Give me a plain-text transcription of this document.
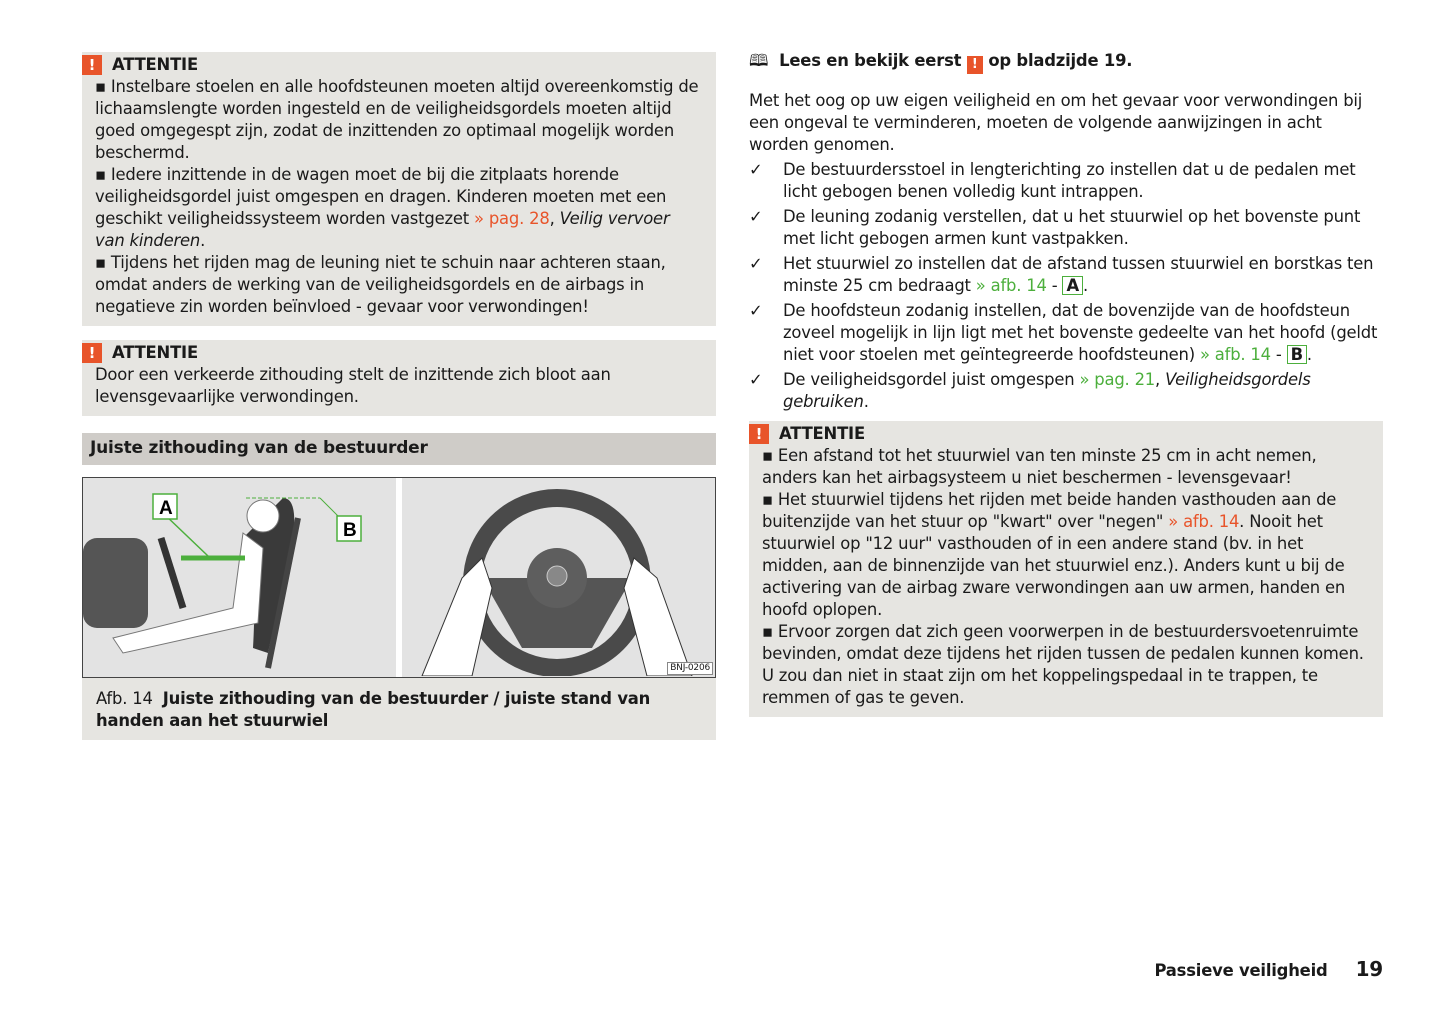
!	ATTENTIE

▪ Instelbare stoelen en alle hoofdsteunen moeten altijd overeenkomstig de lichaamslengte worden ingesteld en de veiligheidsgordels moeten altijd goed omgegespt zijn, zodat de inzittenden zo optimaal mogelijk worden beschermd.

▪ Iedere inzittende in de wagen moet de bij die zitplaats horende veiligheidsgordel juist omgespen en dragen. Kinderen moeten met een geschikt veiligheidssysteem worden vastgezet » pag. 28, Veilig vervoer van kinderen.

▪ Tijdens het rijden mag de leuning niet te schuin naar achteren staan, omdat anders de werking van de veiligheidsgordels en de airbags in negatieve zin worden beïnvloed - gevaar voor verwondingen!

!	ATTENTIE

Door een verkeerde zithouding stelt de inzittende zich bloot aan levensgevaarlijke verwondingen.

Juiste zithouding van de bestuurder
A
B
BNJ-0206
Afb. 14 Juiste zithouding van de bestuurder / juiste stand van handen aan het stuurwiel

🕮 Lees en bekijk eerst ! op bladzijde 19.

Met het oog op uw eigen veiligheid en om het gevaar voor verwondingen bij een ongeval te verminderen, moeten de volgende aanwijzingen in acht worden genomen.

✓	De bestuurdersstoel in lengterichting zo instellen dat u de pedalen met licht gebogen benen volledig kunt intrappen.
✓	De leuning zodanig verstellen, dat u het stuurwiel op het bovenste punt met licht gebogen armen kunt vastpakken.
✓	Het stuurwiel zo instellen dat de afstand tussen stuurwiel en borstkas ten minste 25 cm bedraagt » afb. 14 - A .
✓	De hoofdsteun zodanig instellen, dat de bovenzijde van de hoofdsteun zoveel mogelijk in lijn ligt met het bovenste gedeelte van het hoofd (geldt niet voor stoelen met geïntegreerde hoofdsteunen) » afb. 14 - B .
✓	De veiligheidsgordel juist omgespen » pag. 21, Veiligheidsgordels gebruiken.
!	ATTENTIE

▪ Een afstand tot het stuurwiel van ten minste 25 cm in acht nemen, anders kan het airbagsysteem u niet beschermen - levensgevaar!

▪ Het stuurwiel tijdens het rijden met beide handen vasthouden aan de buitenzijde van het stuur op "kwart" over "negen" » afb. 14. Nooit het stuurwiel op "12 uur" vasthouden of in een andere stand (bv. in het midden, aan de binnenzijde van het stuurwiel enz.). Anders kunt u bij de activering van de airbag zware verwondingen aan uw armen, handen en hoofd oplopen.

▪ Ervoor zorgen dat zich geen voorwerpen in de bestuurdersvoetenruimte bevinden, omdat deze tijdens het rijden tussen de pedalen kunnen komen. U zou dan niet in staat zijn om het koppelingspedaal in te trappen, te remmen of gas te geven.

Passieve veiligheid 19
